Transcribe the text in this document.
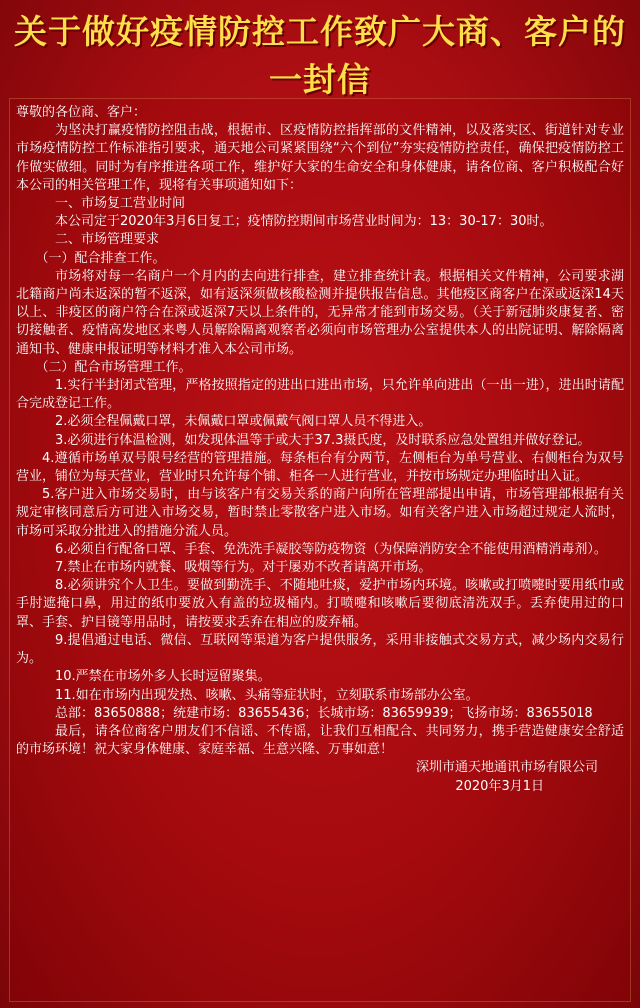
关于做好疫情防控工作致广大商、客户的
一封信

尊敬的各位商、客户：

为坚决打赢疫情防控阻击战，根据市、区疫情防控指挥部的文件精神，以及落实区、街道针对专业市场疫情防控工作标准指引要求，通天地公司紧紧围绕“六个到位”夯实疫情防控责任，确保把疫情防控工作做实做细。同时为有序推进各项工作，维护好大家的生命安全和身体健康，请各位商、客户积极配合好本公司的相关管理工作，现将有关事项通知如下：

一、市场复工营业时间

本公司定于2020年3月6日复工；疫情防控期间市场营业时间为：13：30-17：30时。

二、市场管理要求

（一）配合排查工作。

市场将对每一名商户一个月内的去向进行排查，建立排查统计表。根据相关文件精神，公司要求湖北籍商户尚未返深的暂不返深，如有返深须做核酸检测并提供报告信息。其他疫区商客户在深或返深14天以上、非疫区的商户符合在深或返深7天以上条件的，无异常才能到市场交易。（关于新冠肺炎康复者、密切接触者、疫情高发地区来粤人员解除隔离观察者必须向市场管理办公室提供本人的出院证明、解除隔离通知书、健康申报证明等材料才准入本公司市场。

（二）配合市场管理工作。

1.实行半封闭式管理，严格按照指定的进出口进出市场，只允许单向进出（一出一进），进出时请配合完成登记工作。

2.必须全程佩戴口罩，未佩戴口罩或佩戴气阀口罩人员不得进入。

3.必须进行体温检测，如发现体温等于或大于37.3摄氏度，及时联系应急处置组并做好登记。

4.遵循市场单双号限号经营的管理措施。每条柜台有分两节，左侧柜台为单号营业、右侧柜台为双号营业，铺位为每天营业，营业时只允许每个铺、柜各一人进行营业，并按市场规定办理临时出入证。

5.客户进入市场交易时，由与该客户有交易关系的商户向所在管理部提出申请，市场管理部根据有关规定审核同意后方可进入市场交易，暂时禁止零散客户进入市场。如有关客户进入市场超过规定人流时，市场可采取分批进入的措施分流人员。

6.必须自行配备口罩、手套、免洗洗手凝胶等防疫物资（为保障消防安全不能使用酒精消毒剂）。

7.禁止在市场内就餐、吸烟等行为。对于屡劝不改者请离开市场。

8.必须讲究个人卫生。要做到勤洗手、不随地吐痰，爱护市场内环境。咳嗽或打喷嚏时要用纸巾或手肘遮掩口鼻，用过的纸巾要放入有盖的垃圾桶内。打喷嚏和咳嗽后要彻底清洗双手。丢弃使用过的口罩、手套、护目镜等用品时，请按要求丢弃在相应的废弃桶。

9.提倡通过电话、微信、互联网等渠道为客户提供服务，采用非接触式交易方式，减少场内交易行为。

10.严禁在市场外多人长时逗留聚集。

11.如在市场内出现发热、咳嗽、头痛等症状时，立刻联系市场部办公室。

总部：83650888；统建市场：83655436；长城市场：83659939；飞扬市场：83655018

最后，请各位商客户朋友们不信谣、不传谣，让我们互相配合、共同努力，携手营造健康安全舒适的市场环境！祝大家身体健康、家庭幸福、生意兴隆、万事如意！

深圳市通天地通讯市场有限公司

2020年3月1日
